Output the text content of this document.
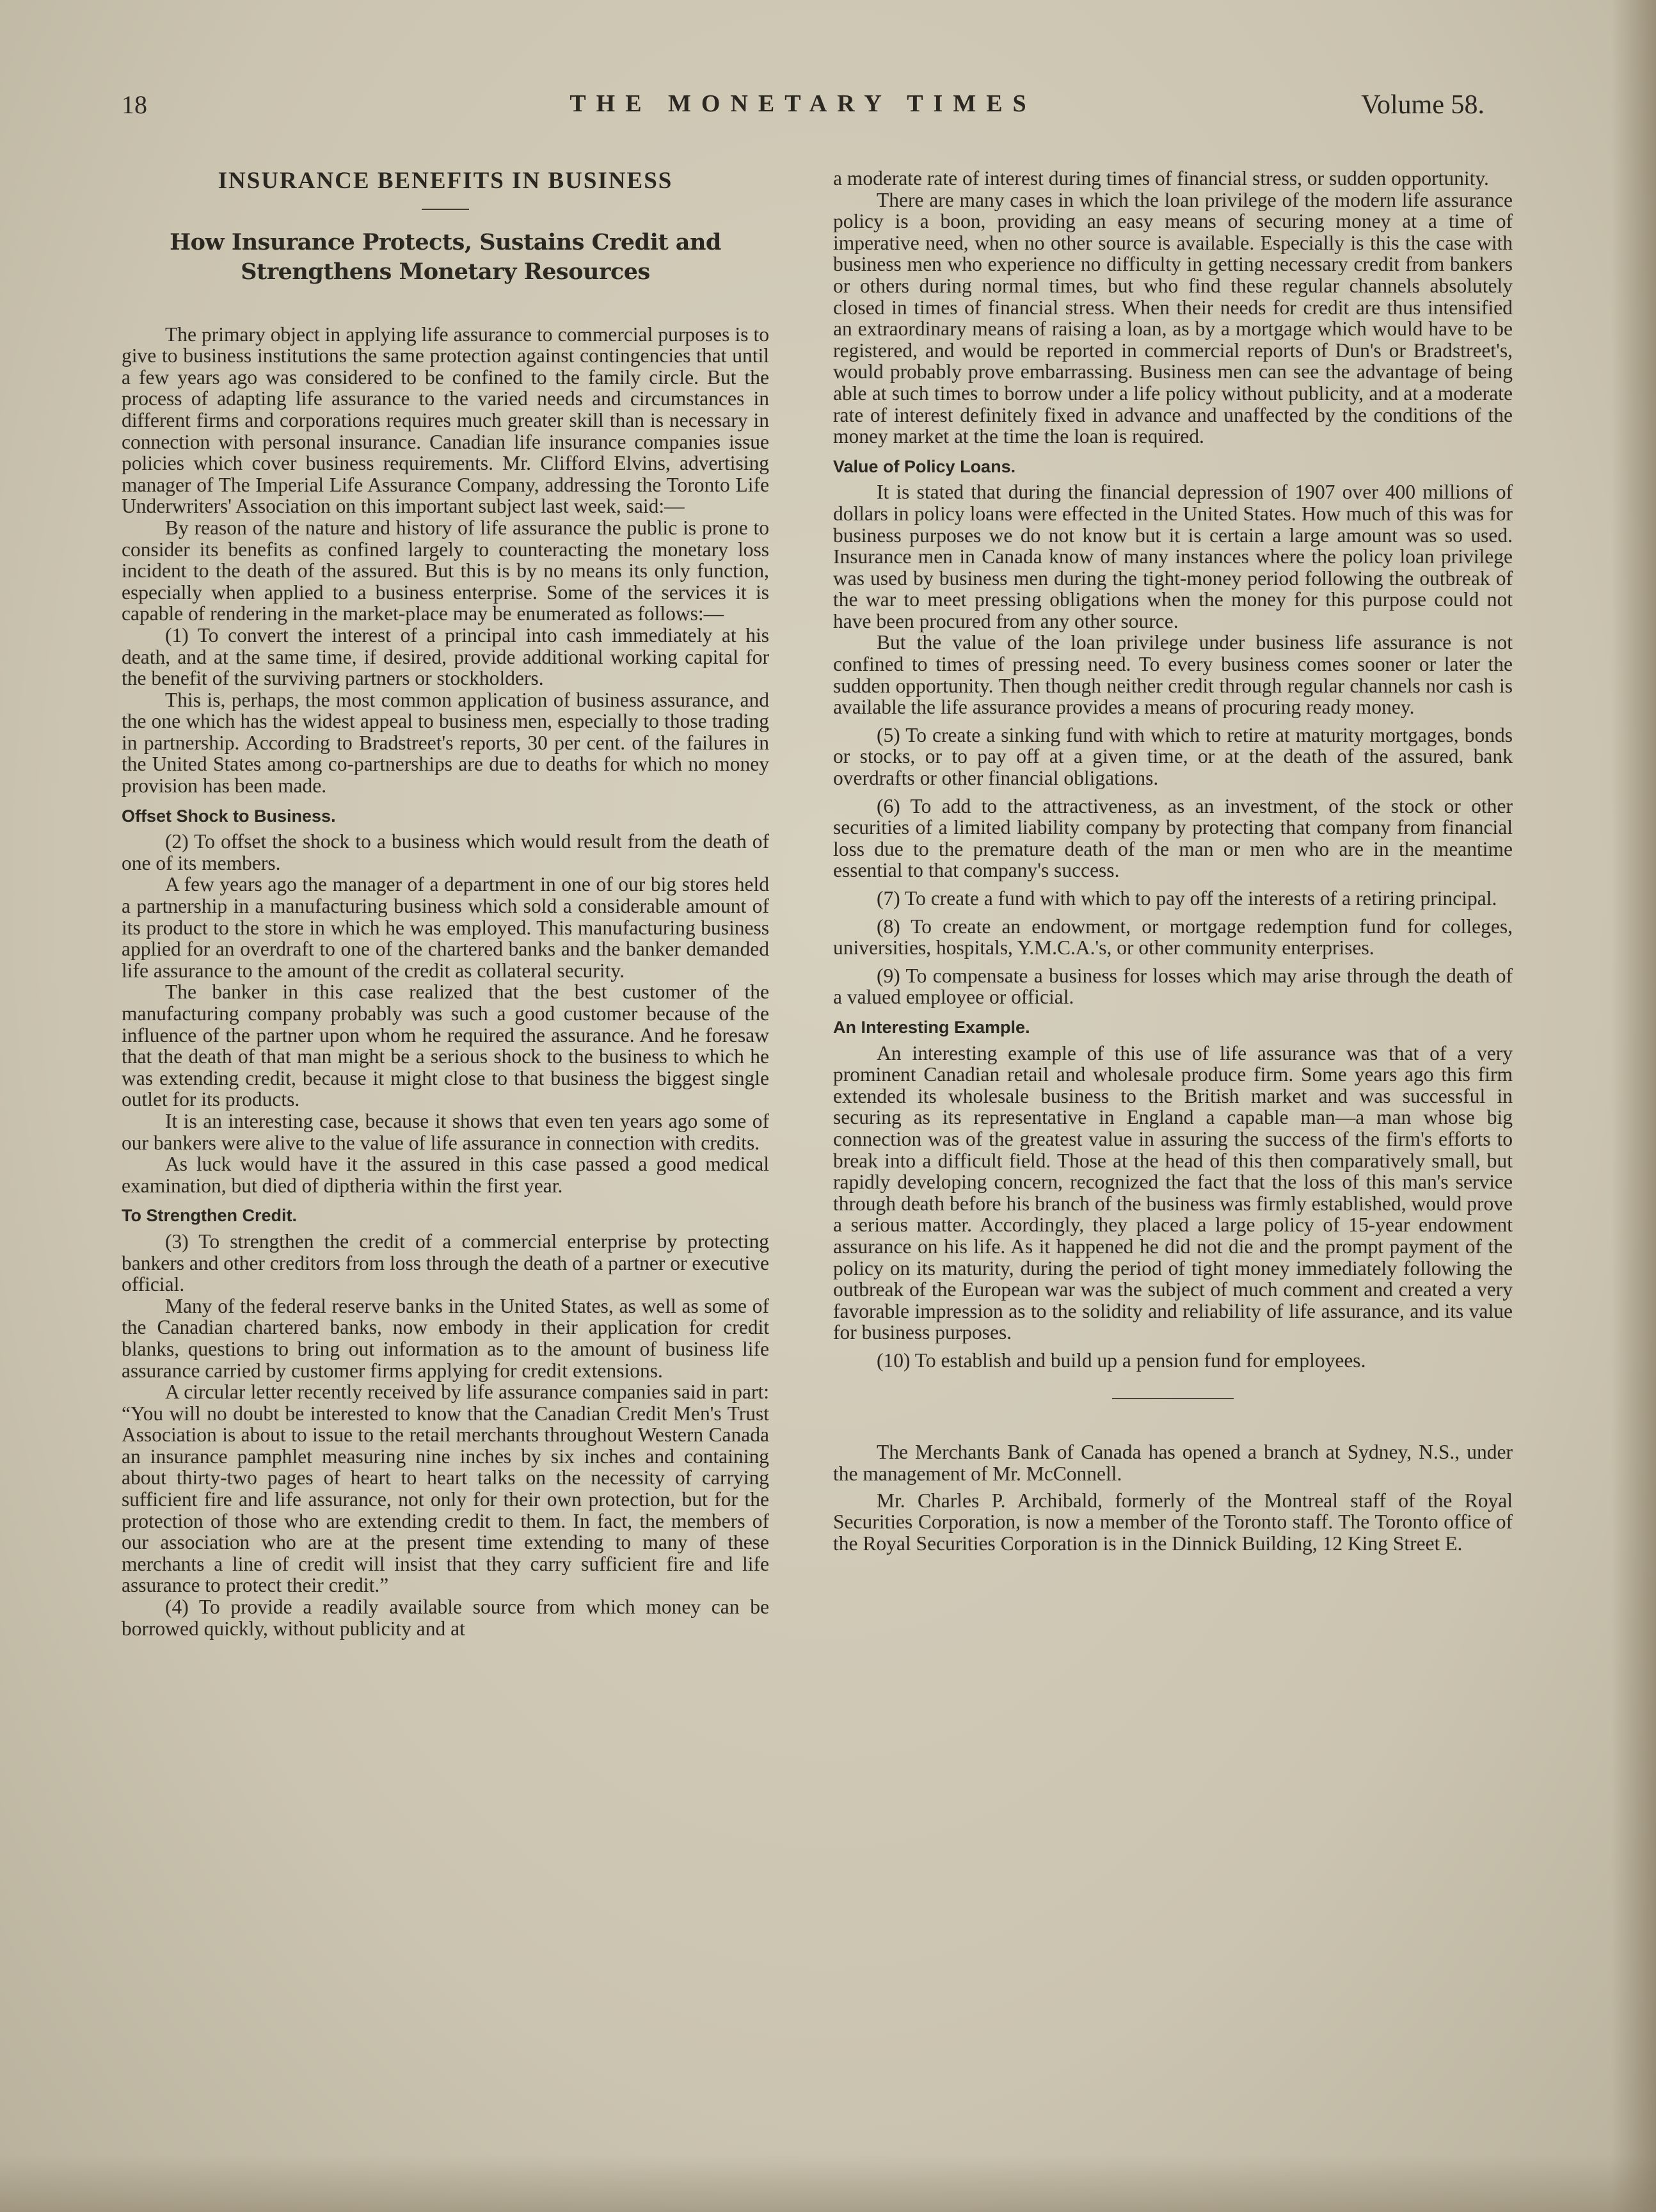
18	THE MONETARY TIMES	Volume 58.
INSURANCE BENEFITS IN BUSINESS
How Insurance Protects, Sustains Credit and Strengthens Monetary Resources

The primary object in applying life assurance to commercial purposes is to give to business institutions the same protection against contingencies that until a few years ago was considered to be confined to the family circle. But the process of adapting life assurance to the varied needs and circumstances in different firms and corporations requires much greater skill than is necessary in connection with personal insurance. Canadian life insurance companies issue policies which cover business requirements. Mr. Clifford Elvins, advertising manager of The Imperial Life Assurance Company, addressing the Toronto Life Underwriters' Association on this important subject last week, said:—

By reason of the nature and history of life assurance the public is prone to consider its benefits as confined largely to counteracting the monetary loss incident to the death of the assured. But this is by no means its only function, especially when applied to a business enterprise. Some of the services it is capable of rendering in the market-place may be enumerated as follows:—

(1) To convert the interest of a principal into cash immediately at his death, and at the same time, if desired, provide additional working capital for the benefit of the surviving partners or stockholders.

This is, perhaps, the most common application of business assurance, and the one which has the widest appeal to business men, especially to those trading in partnership. According to Bradstreet's reports, 30 per cent. of the failures in the United States among co-partnerships are due to deaths for which no money provision has been made.

Offset Shock to Business.

(2) To offset the shock to a business which would result from the death of one of its members.

A few years ago the manager of a department in one of our big stores held a partnership in a manufacturing business which sold a considerable amount of its product to the store in which he was employed. This manufacturing business applied for an overdraft to one of the chartered banks and the banker demanded life assurance to the amount of the credit as collateral security.

The banker in this case realized that the best customer of the manufacturing company probably was such a good customer because of the influence of the partner upon whom he required the assurance. And he foresaw that the death of that man might be a serious shock to the business to which he was extending credit, because it might close to that business the biggest single outlet for its products.

It is an interesting case, because it shows that even ten years ago some of our bankers were alive to the value of life assurance in connection with credits.

As luck would have it the assured in this case passed a good medical examination, but died of diptheria within the first year.

To Strengthen Credit.

(3) To strengthen the credit of a commercial enterprise by protecting bankers and other creditors from loss through the death of a partner or executive official.

Many of the federal reserve banks in the United States, as well as some of the Canadian chartered banks, now embody in their application for credit blanks, questions to bring out information as to the amount of business life assurance carried by customer firms applying for credit extensions.

A circular letter recently received by life assurance companies said in part: “You will no doubt be interested to know that the Canadian Credit Men's Trust Association is about to issue to the retail merchants throughout Western Canada an insurance pamphlet measuring nine inches by six inches and containing about thirty-two pages of heart to heart talks on the necessity of carrying sufficient fire and life assurance, not only for their own protection, but for the protection of those who are extending credit to them. In fact, the members of our association who are at the present time extending to many of these merchants a line of credit will insist that they carry sufficient fire and life assurance to protect their credit.”

(4) To provide a readily available source from which money can be borrowed quickly, without publicity and at

a moderate rate of interest during times of financial stress, or sudden opportunity.

There are many cases in which the loan privilege of the modern life assurance policy is a boon, providing an easy means of securing money at a time of imperative need, when no other source is available. Especially is this the case with business men who experience no difficulty in getting necessary credit from bankers or others during normal times, but who find these regular channels absolutely closed in times of financial stress. When their needs for credit are thus intensified an extraordinary means of raising a loan, as by a mortgage which would have to be registered, and would be reported in commercial reports of Dun's or Bradstreet's, would probably prove embarrassing. Business men can see the advantage of being able at such times to borrow under a life policy without publicity, and at a moderate rate of interest definitely fixed in advance and unaffected by the conditions of the money market at the time the loan is required.

Value of Policy Loans.

It is stated that during the financial depression of 1907 over 400 millions of dollars in policy loans were effected in the United States. How much of this was for business purposes we do not know but it is certain a large amount was so used. Insurance men in Canada know of many instances where the policy loan privilege was used by business men during the tight-money period following the outbreak of the war to meet pressing obligations when the money for this purpose could not have been procured from any other source.

But the value of the loan privilege under business life assurance is not confined to times of pressing need. To every business comes sooner or later the sudden opportunity. Then though neither credit through regular channels nor cash is available the life assurance provides a means of procuring ready money.

(5) To create a sinking fund with which to retire at maturity mortgages, bonds or stocks, or to pay off at a given time, or at the death of the assured, bank overdrafts or other financial obligations.

(6) To add to the attractiveness, as an investment, of the stock or other securities of a limited liability company by protecting that company from financial loss due to the premature death of the man or men who are in the meantime essential to that company's success.

(7) To create a fund with which to pay off the interests of a retiring principal.

(8) To create an endowment, or mortgage redemption fund for colleges, universities, hospitals, Y.M.C.A.'s, or other community enterprises.

(9) To compensate a business for losses which may arise through the death of a valued employee or official.

An Interesting Example.

An interesting example of this use of life assurance was that of a very prominent Canadian retail and wholesale produce firm. Some years ago this firm extended its wholesale business to the British market and was successful in securing as its representative in England a capable man—a man whose big connection was of the greatest value in assuring the success of the firm's efforts to break into a difficult field. Those at the head of this then comparatively small, but rapidly developing concern, recognized the fact that the loss of this man's service through death before his branch of the business was firmly established, would prove a serious matter. Accordingly, they placed a large policy of 15-year endowment assurance on his life. As it happened he did not die and the prompt payment of the policy on its maturity, during the period of tight money immediately following the outbreak of the European war was the subject of much comment and created a very favorable impression as to the solidity and reliability of life assurance, and its value for business purposes.

(10) To establish and build up a pension fund for employees.

The Merchants Bank of Canada has opened a branch at Sydney, N.S., under the management of Mr. McConnell.

Mr. Charles P. Archibald, formerly of the Montreal staff of the Royal Securities Corporation, is now a member of the Toronto staff. The Toronto office of the Royal Securities Corporation is in the Dinnick Building, 12 King Street E.
